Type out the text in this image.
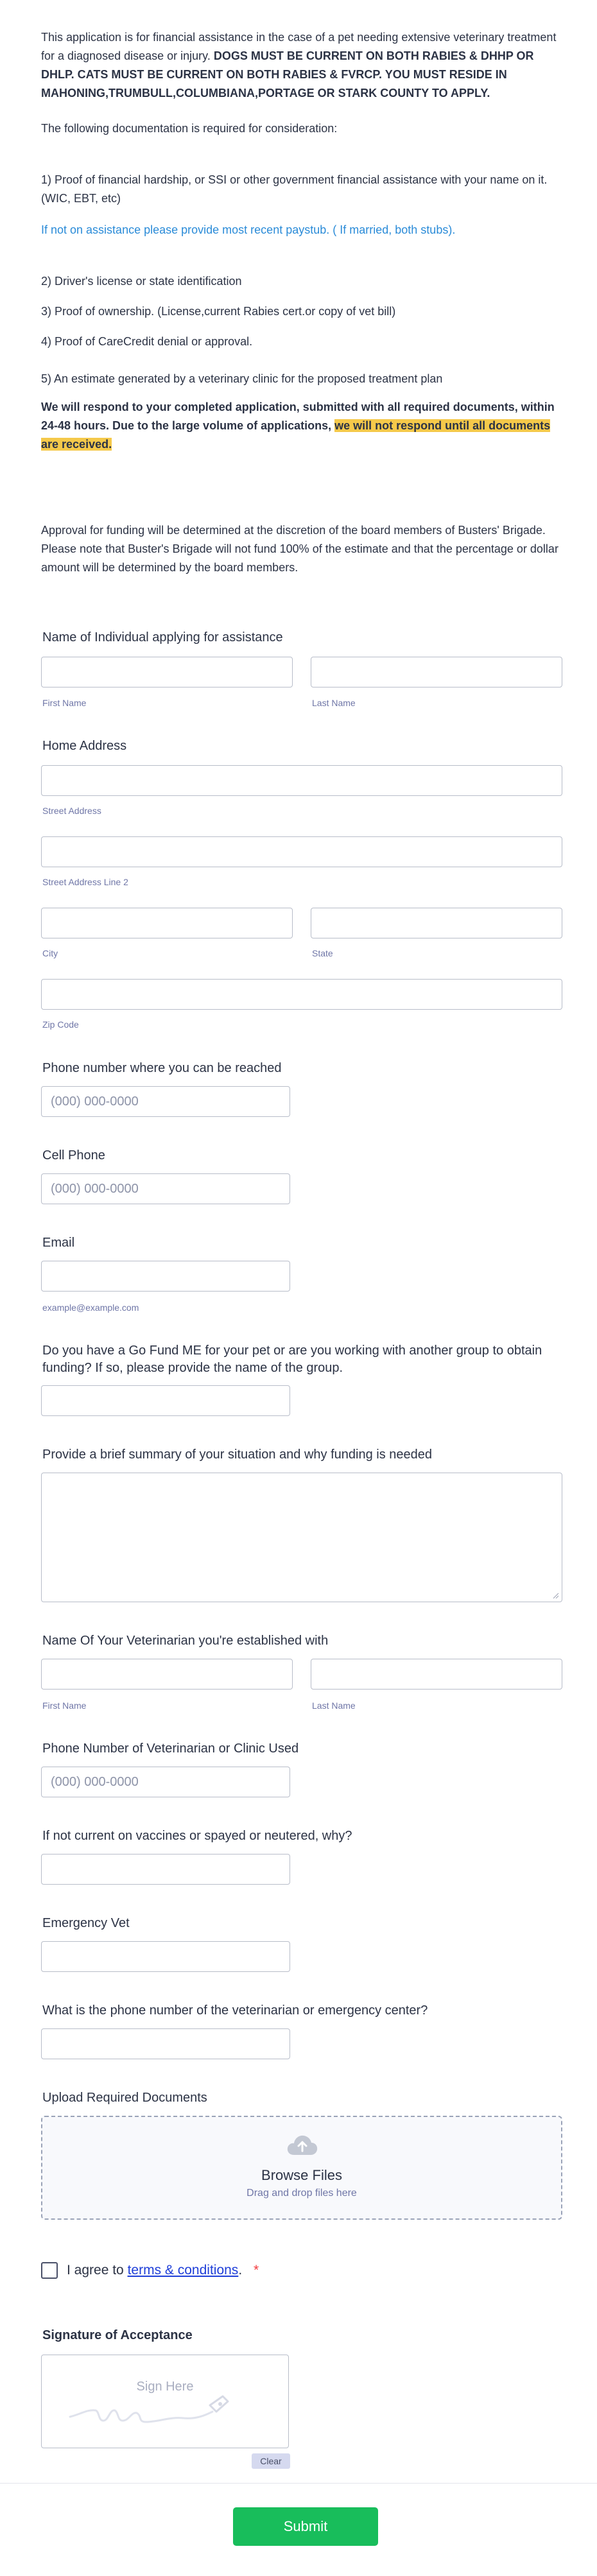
This application is for financial assistance in the case of a pet needing extensive veterinary treatment for a diagnosed disease or injury. DOGS MUST BE CURRENT ON BOTH RABIES & DHHP OR DHLP. CATS MUST BE CURRENT ON BOTH RABIES & FVRCP. YOU MUST RESIDE IN MAHONING,TRUMBULL,COLUMBIANA,PORTAGE OR STARK COUNTY TO APPLY.

The following documentation is required for consideration:

1) Proof of financial hardship, or SSI or other government financial assistance with your name on it. (WIC, EBT, etc)

If not on assistance please provide most recent paystub. ( If married, both stubs).

2) Driver's license or state identification

3) Proof of ownership. (License,current Rabies cert.or copy of vet bill)

4) Proof of CareCredit denial or approval.

5) An estimate generated by a veterinary clinic for the proposed treatment plan

We will respond to your completed application, submitted with all required documents, within 24-48 hours. Due to the large volume of applications, we will not respond until all documents are received.

Approval for funding will be determined at the discretion of the board members of Busters' Brigade. Please note that Buster's Brigade will not fund 100% of the estimate and that the percentage or dollar amount will be determined by the board members.

Name of Individual applying for assistance
First Name	Last Name
Home Address
Street Address
Street Address Line 2
City	State
Zip Code
Phone number where you can be reached
(000) 000-0000
Cell Phone
(000) 000-0000
Email
example@example.com
Do you have a Go Fund ME for your pet or are you working with another group to obtain funding? If so, please provide the name of the group.
Provide a brief summary of your situation and why funding is needed
Name Of Your Veterinarian you're established with
First Name	Last Name
Phone Number of Veterinarian or Clinic Used
(000) 000-0000
If not current on vaccines or spayed or neutered, why?
Emergency Vet
What is the phone number of the veterinarian or emergency center?
Upload Required Documents
Browse Files
Drag and drop files here
I agree to terms & conditions. *
Signature of Acceptance
Sign Here
Clear
Submit
